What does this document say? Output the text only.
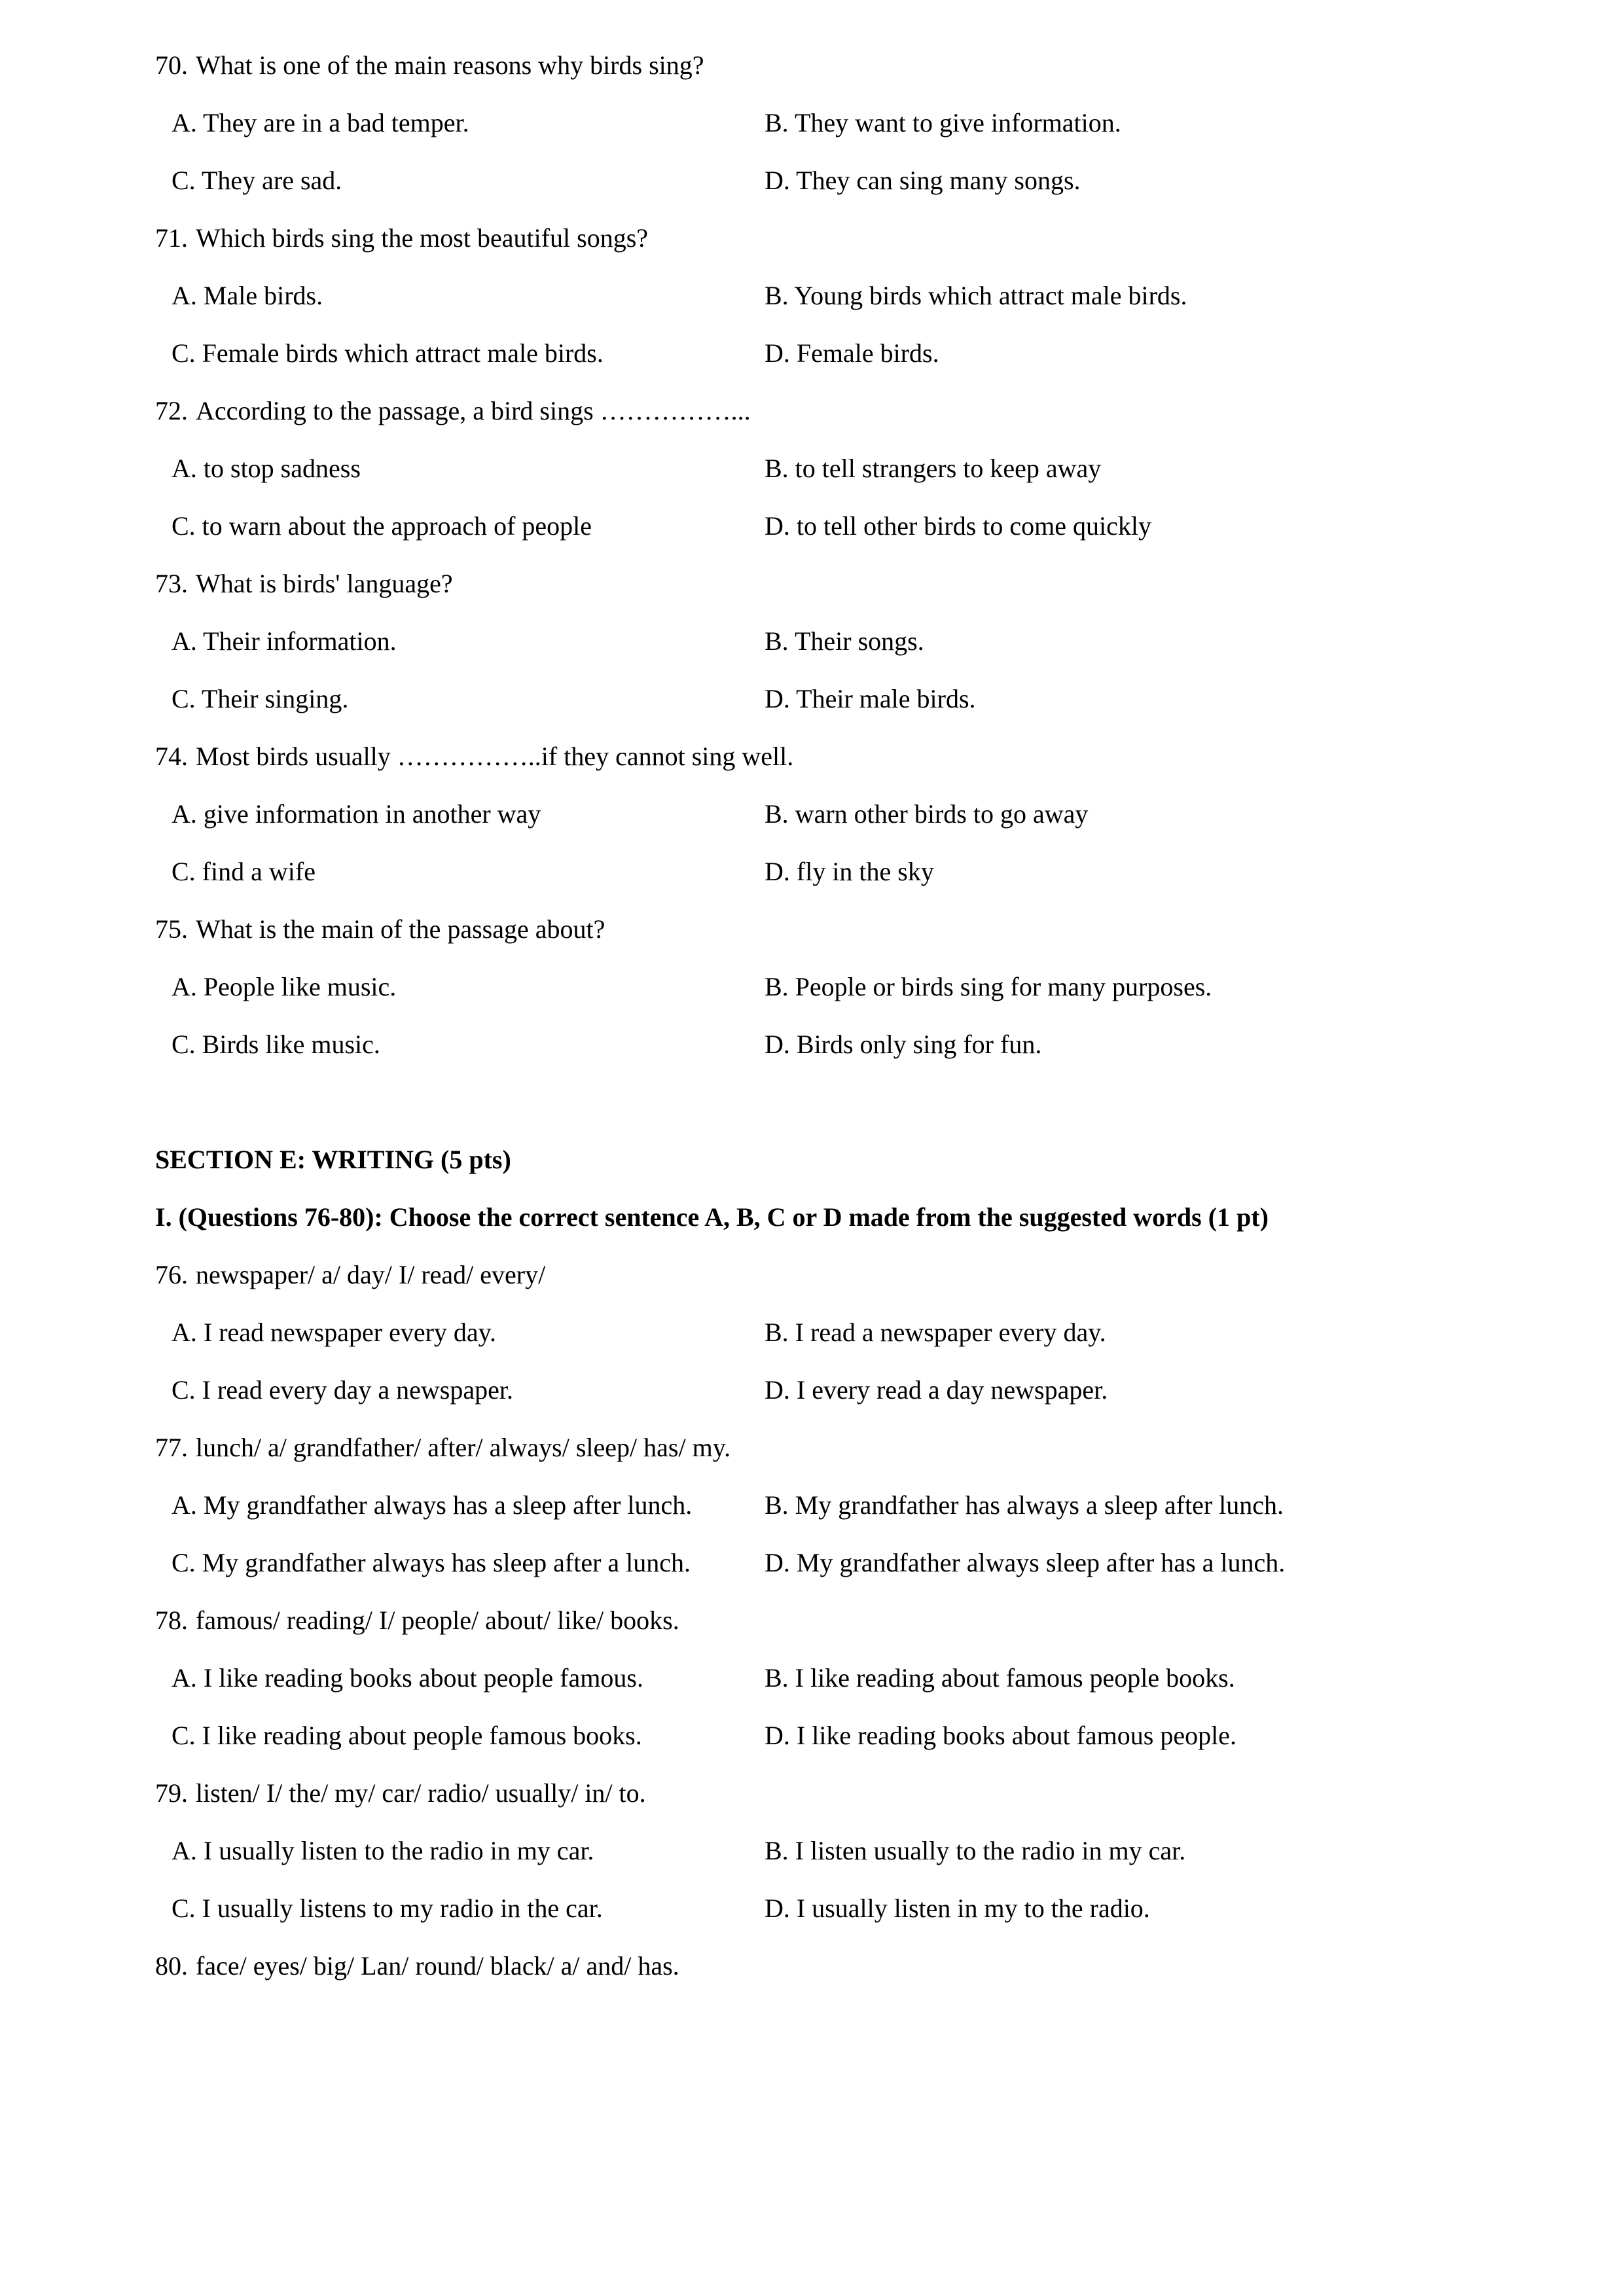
70. What is one of the main reasons why birds sing?
A. They are in a bad temper.	B. They want to give information.
C. They are sad.	D. They can sing many songs.
71. Which birds sing the most beautiful songs?
A. Male birds.	B. Young birds which attract male birds.
C. Female birds which attract male birds.	D. Female birds.
72. According to the passage, a bird sings ……………...
A. to stop sadness	B. to tell strangers to keep away
C. to warn about the approach of people	D. to tell other birds to come quickly
73. What is birds' language?
A. Their information.	B. Their songs.
C. Their singing.	D. Their male birds.
74. Most birds usually ……………..if they cannot sing well.
A. give information in another way	B. warn other birds to go away
C. find a wife	D. fly in the sky
75. What is the main of the passage about?
A. People like music.	B. People or birds sing for many purposes.
C. Birds like music.	D. Birds only sing for fun.
SECTION E: WRITING (5 pts)
I. (Questions 76-80): Choose the correct sentence A, B, C or D made from the suggested words (1 pt)
76. newspaper/ a/ day/ I/ read/ every/
A. I read newspaper every day.	B. I read a newspaper every day.
C. I read every day a newspaper.	D. I every read a day newspaper.
77. lunch/ a/ grandfather/ after/ always/ sleep/ has/ my.
A. My grandfather always has a sleep after lunch.	B. My grandfather has always a sleep after lunch.
C. My grandfather always has sleep after a lunch.	D. My grandfather always sleep after has a lunch.
78. famous/ reading/ I/ people/ about/ like/ books.
A. I like reading books about people famous.	B. I like reading about famous people books.
C. I like reading about people famous books.	D. I like reading books about famous people.
79. listen/ I/ the/ my/ car/ radio/ usually/ in/ to.
A. I usually listen to the radio in my car.	B. I listen usually to the radio in my car.
C. I usually listens to my radio in the car.	D. I usually listen in my to the radio.
80. face/ eyes/ big/ Lan/ round/ black/ a/ and/ has.
